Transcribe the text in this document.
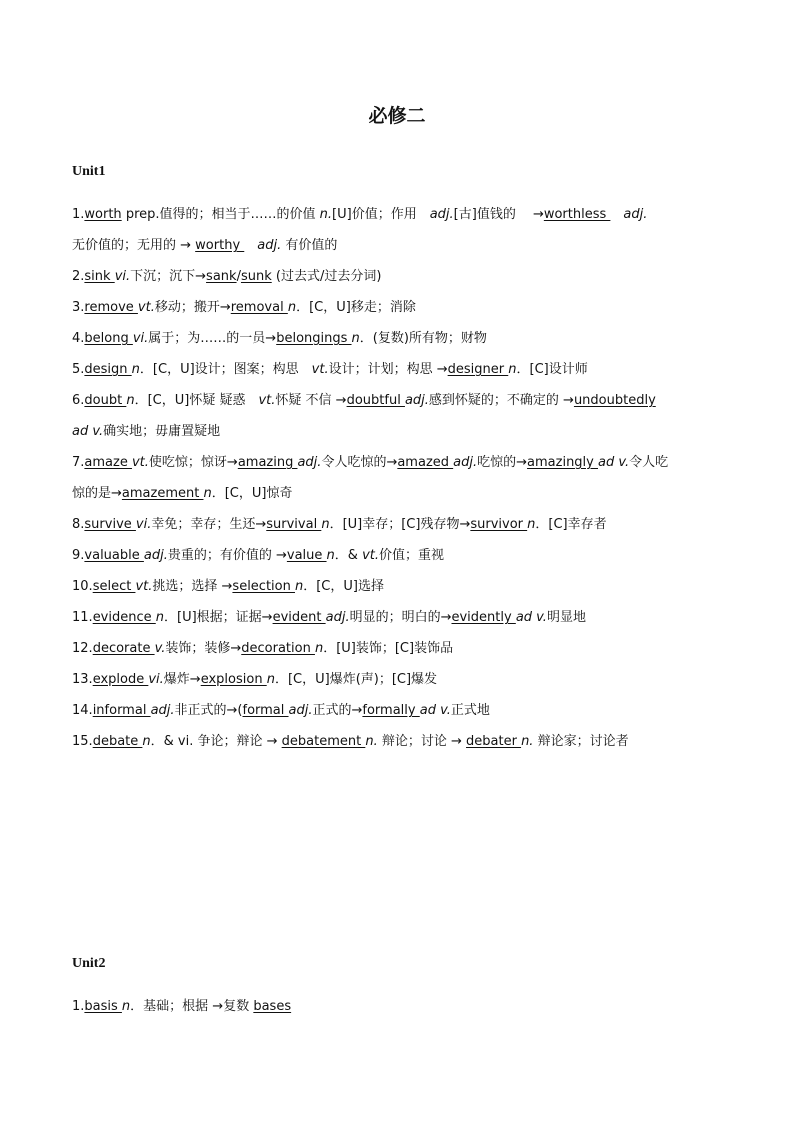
必修二
Unit1
1.worth prep.值得的；相当于……的价值 n.[U]价值；作用　adj.[古]值钱的　 →worthless 　adj.
无价值的；无用的 → worthy 　adj. 有价值的
2.sink vi.下沉；沉下→sank/sunk (过去式/过去分词)
3.remove vt.移动；搬开→removal n．[C，U]移走；消除
4.belong vi.属于；为……的一员→belongings n．(复数)所有物；财物
5.design n．[C，U]设计；图案；构思　vt.设计；计划；构思 →designer n．[C]设计师
6.doubt n．[C，U]怀疑 疑惑　vt.怀疑 不信 →doubtful adj.感到怀疑的；不确定的 →undoubtedly
ad v.确实地；毋庸置疑地
7.amaze vt.使吃惊；惊讶→amazing adj.令人吃惊的→amazed adj.吃惊的→amazingly ad v.令人吃
惊的是→amazement n．[C，U]惊奇
8.survive vi.幸免；幸存；生还→survival n．[U]幸存；[C]残存物→survivor n．[C]幸存者
9.valuable adj.贵重的；有价值的 →value n．& vt.价值；重视
10.select vt.挑选；选择 →selection n．[C，U]选择
11.evidence n．[U]根据；证据→evident adj.明显的；明白的→evidently ad v.明显地
12.decorate v.装饰；装修→decoration n．[U]装饰；[C]装饰品
13.explode vi.爆炸→explosion n．[C，U]爆炸(声)；[C]爆发
14.informal adj.非正式的→(formal adj.正式的→formally ad v.正式地
15.debate n．& vi. 争论；辩论 → debatement n. 辩论；讨论 → debater n. 辩论家；讨论者
Unit2
1.basis n．基础；根据 →复数 bases
